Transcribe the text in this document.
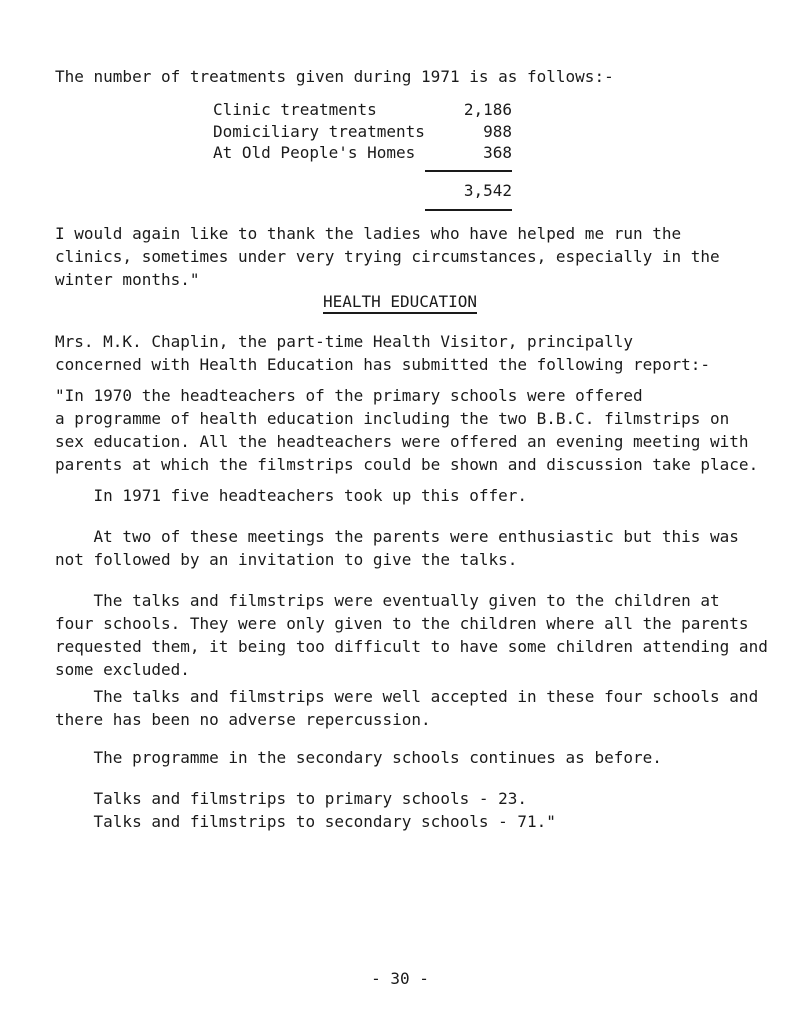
The number of treatments given during 1971 is as follows:-
Clinic treatments	2,186
Domiciliary treatments	988
At Old People's Homes	368
3,542
I would again like to thank the ladies who have helped me run the
clinics, sometimes under very trying circumstances, especially in the
winter months."
HEALTH EDUCATION
Mrs. M.K. Chaplin, the part-time Health Visitor, principally
concerned with Health Education has submitted the following report:-
"In 1970 the headteachers of the primary schools were offered
a programme of health education including the two B.B.C. filmstrips on
sex education. All the headteachers were offered an evening meeting with
parents at which the filmstrips could be shown and discussion take place.
In 1971 five headteachers took up this offer.
At two of these meetings the parents were enthusiastic but this was
not followed by an invitation to give the talks.
The talks and filmstrips were eventually given to the children at
four schools. They were only given to the children where all the parents
requested them, it being too difficult to have some children attending and
some excluded.
The talks and filmstrips were well accepted in these four schools and
there has been no adverse repercussion.
The programme in the secondary schools continues as before.
Talks and filmstrips to primary schools - 23.
Talks and filmstrips to secondary schools - 71."
- 30 -
